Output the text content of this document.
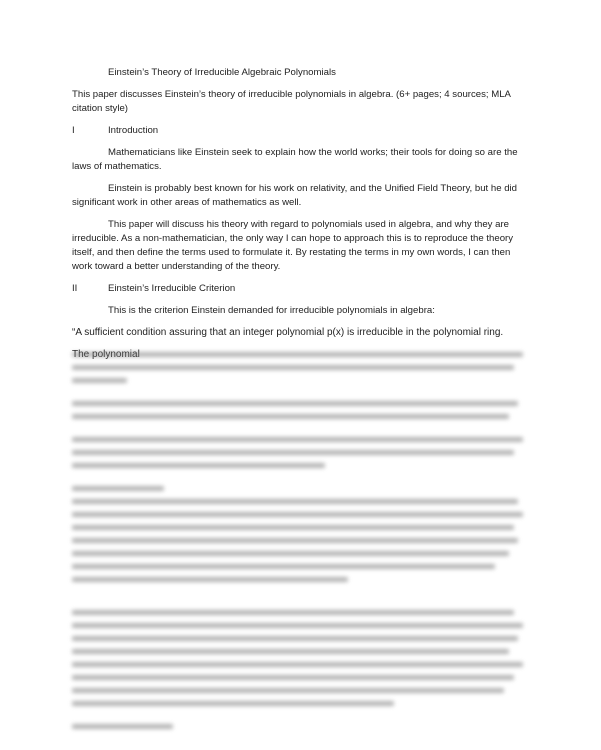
Einstein’s Theory of Irreducible Algebraic Polynomials
This paper discusses Einstein’s theory of irreducible polynomials in algebra. (6+ pages; 4 sources; MLA citation style)
I	Introduction
Mathematicians like Einstein seek to explain how the world works; their tools for doing so are the laws of mathematics.
Einstein is probably best known for his work on relativity, and the Unified Field Theory, but he did significant work in other areas of mathematics as well.
This paper will discuss his theory with regard to polynomials used in algebra, and why they are irreducible. As a non-mathematician, the only way I can hope to approach this is to reproduce the theory itself, and then define the terms used to formulate it. By restating the terms in my own words, I can then work toward a better understanding of the theory.
II	Einstein’s Irreducible Criterion
This is the criterion Einstein demanded for irreducible polynomials in algebra:
“A sufficient condition assuring that an integer polynomial p(x) is irreducible in the polynomial ring.
